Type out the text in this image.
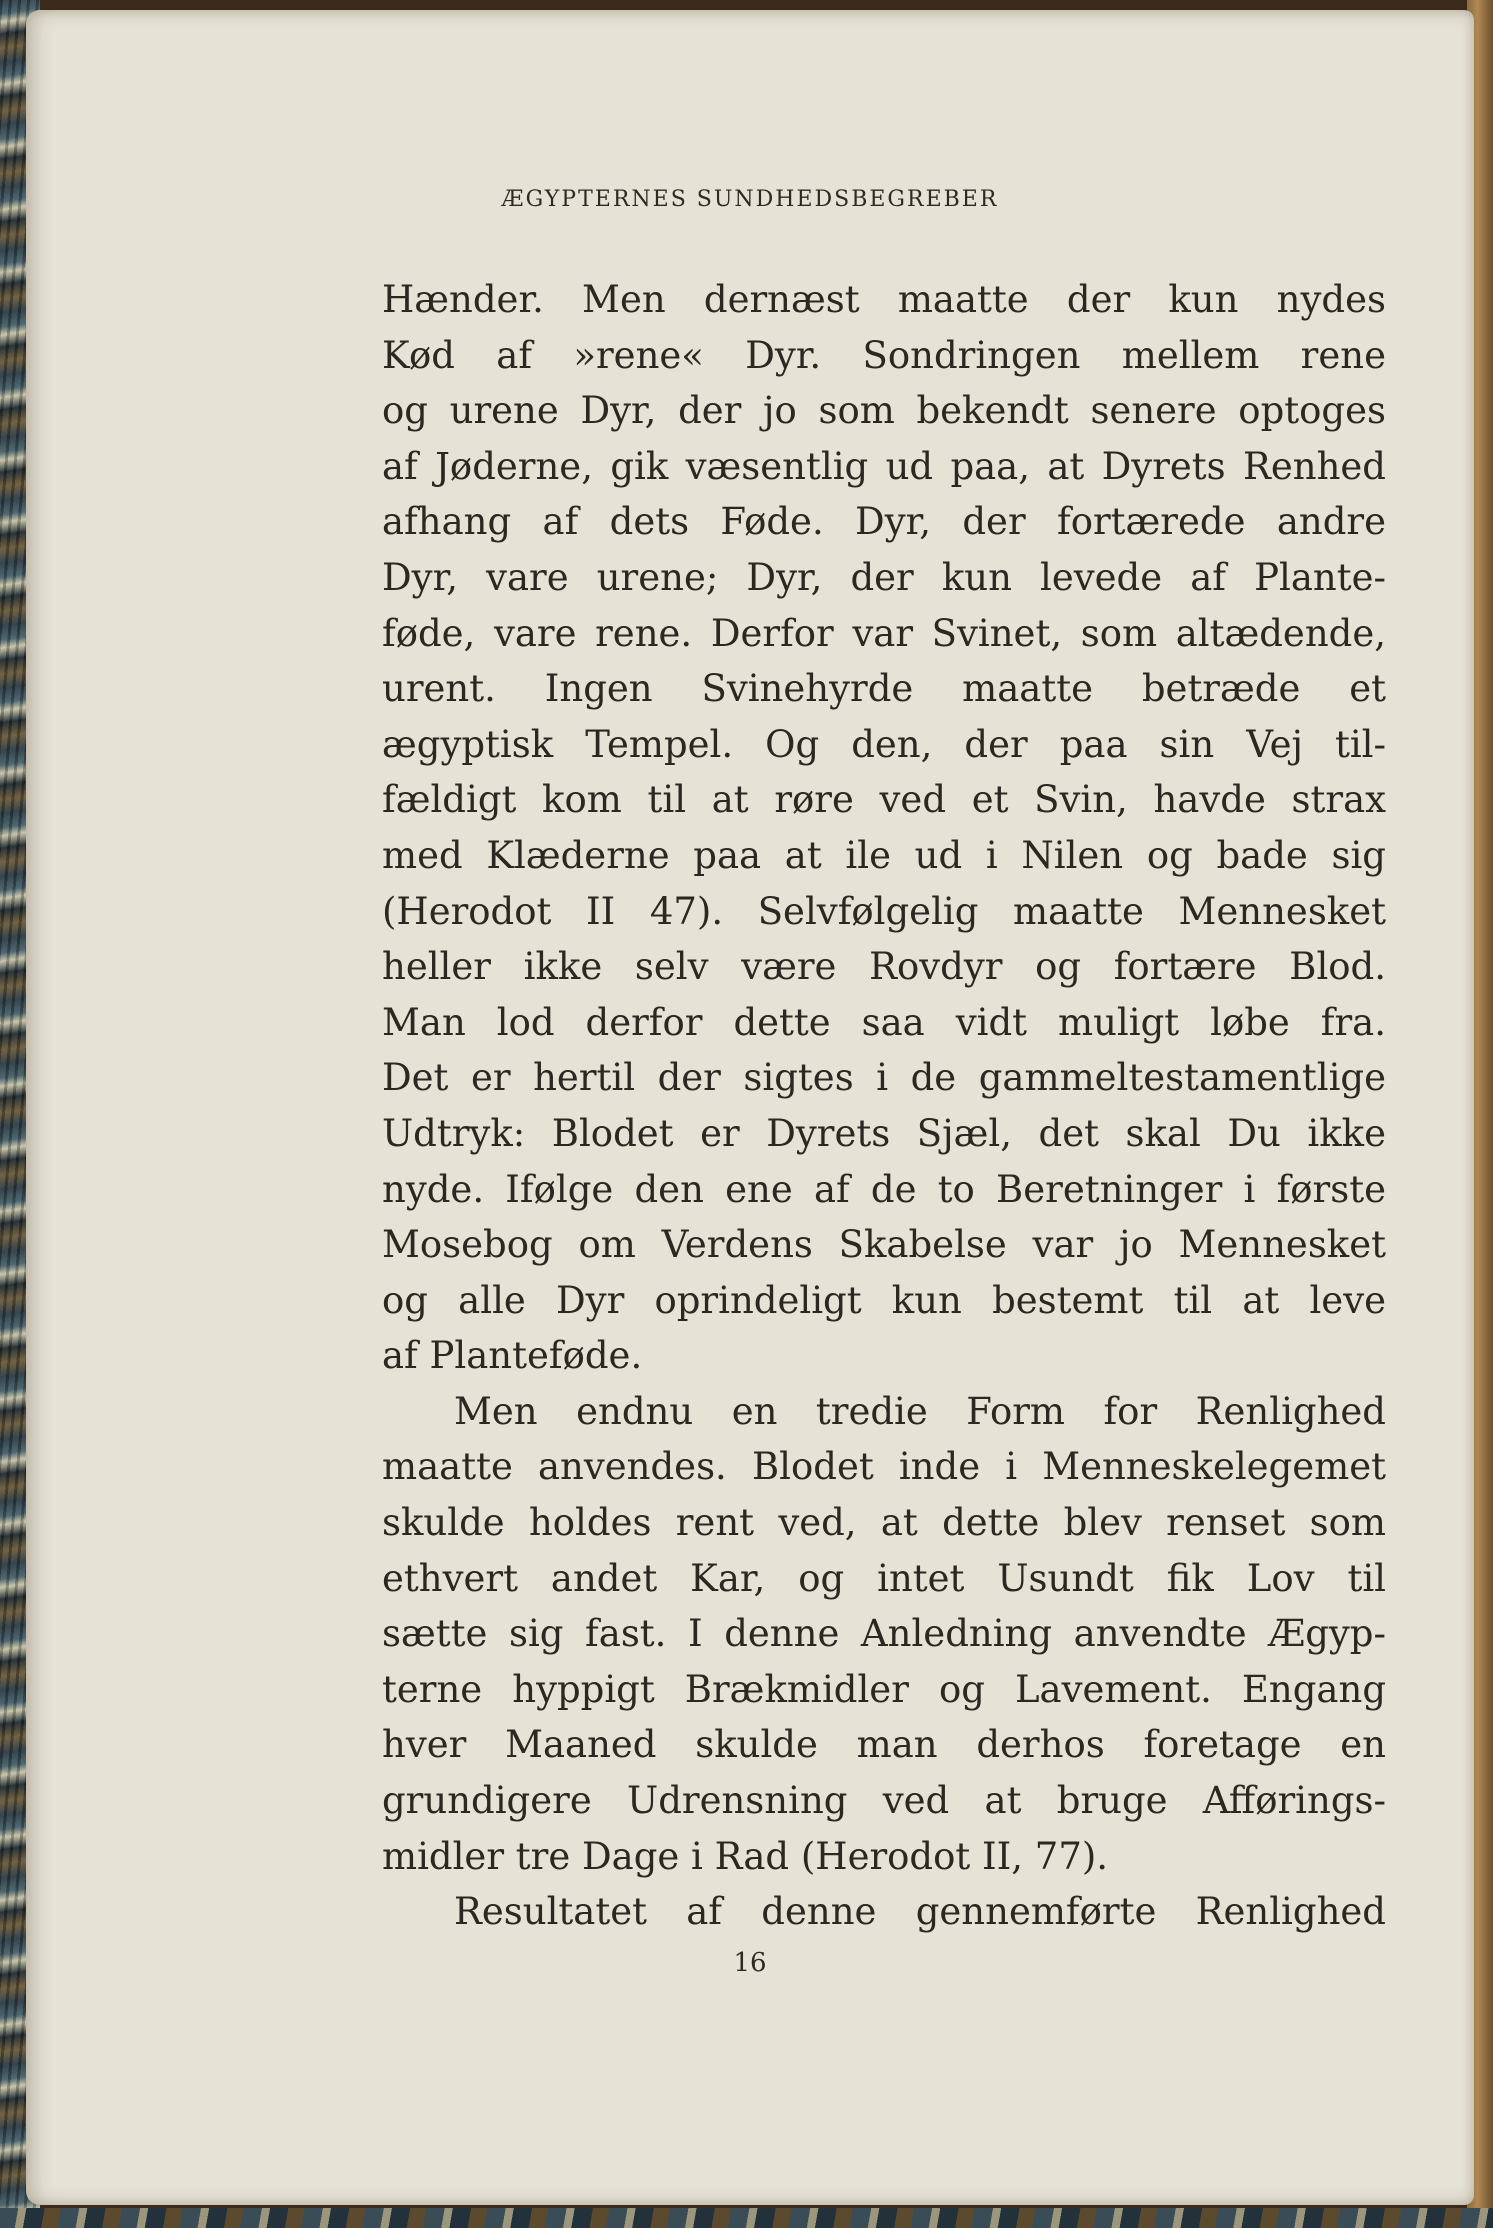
ÆGYPTERNES SUNDHEDSBEGREBER
Hænder. Men dernæst maatte der kun nydes
Kød af »rene« Dyr. Sondringen mellem rene
og urene Dyr, der jo som bekendt senere optoges
af Jøderne, gik væsentlig ud paa, at Dyrets Renhed
afhang af dets Føde. Dyr, der fortærede andre
Dyr, vare urene; Dyr, der kun levede af Plante-
føde, vare rene. Derfor var Svinet, som altædende,
urent. Ingen Svinehyrde maatte betræde et
ægyptisk Tempel. Og den, der paa sin Vej til-
fældigt kom til at røre ved et Svin, havde strax
med Klæderne paa at ile ud i Nilen og bade sig
(Herodot II 47). Selvfølgelig maatte Mennesket
heller ikke selv være Rovdyr og fortære Blod.
Man lod derfor dette saa vidt muligt løbe fra.
Det er hertil der sigtes i de gammeltestamentlige
Udtryk: Blodet er Dyrets Sjæl, det skal Du ikke
nyde. Ifølge den ene af de to Beretninger i første
Mosebog om Verdens Skabelse var jo Mennesket
og alle Dyr oprindeligt kun bestemt til at leve
af Planteføde.
Men endnu en tredie Form for Renlighed
maatte anvendes. Blodet inde i Menneskelegemet
skulde holdes rent ved, at dette blev renset som
ethvert andet Kar, og intet Usundt fik Lov til
sætte sig fast. I denne Anledning anvendte Ægyp-
terne hyppigt Brækmidler og Lavement. Engang
hver Maaned skulde man derhos foretage en
grundigere Udrensning ved at bruge Afførings-
midler tre Dage i Rad (Herodot II, 77).
Resultatet af denne gennemførte Renlighed
16
